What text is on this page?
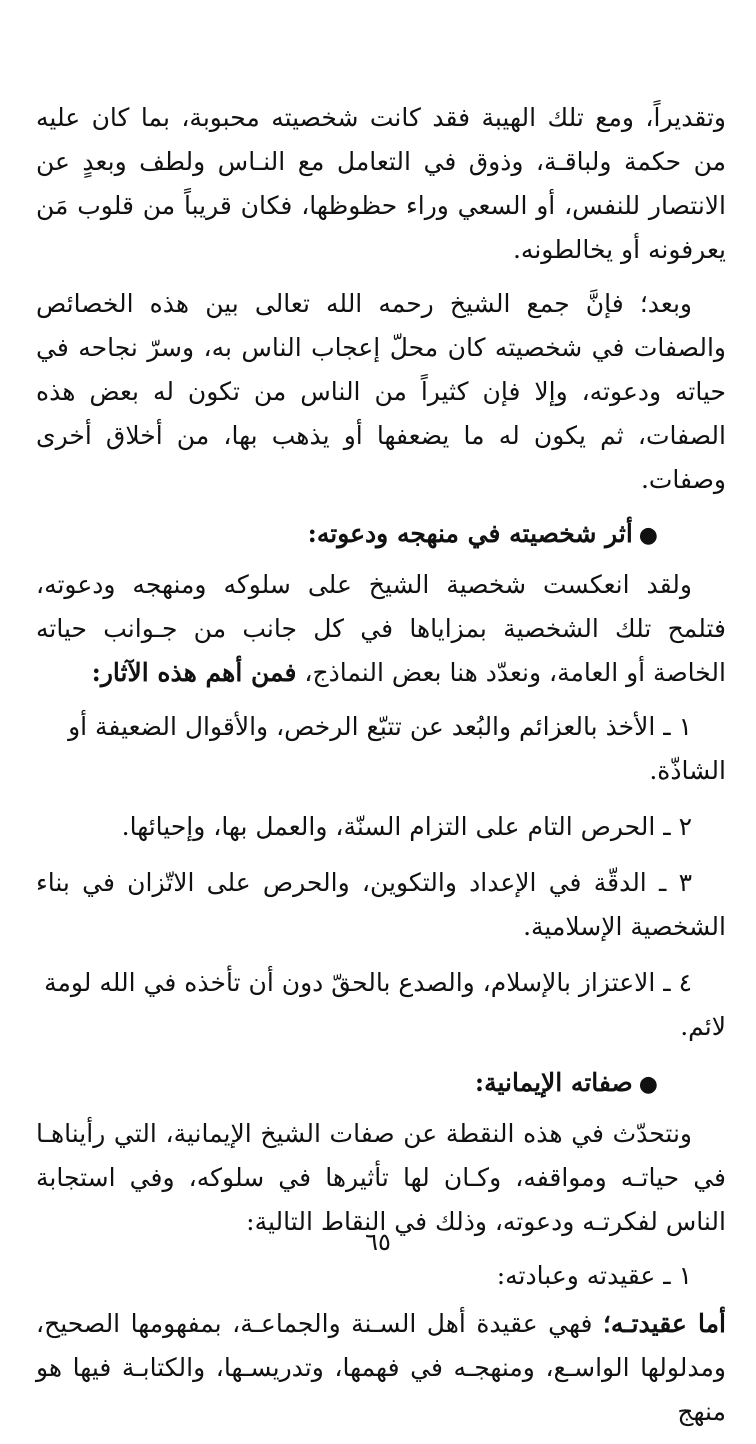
وتقديراً، ومع تلك الهيبة فقد كانت شخصيته محبوبة، بما كان عليه من حكمة ولباقـة، وذوق في التعامل مع النـاس ولطف وبعدٍ عن الانتصار للنفس، أو السعي وراء حظوظها، فكان قريباً من قلوب مَن يعرفونه أو يخالطونه.

وبعد؛ فإنَّ جمع الشيخ رحمه الله تعالى بين هذه الخصائص والصفات في شخصيته كان محلّ إعجاب الناس به، وسرّ نجاحه في حياته ودعوته، وإلا فإن كثيراً من الناس من تكون له بعض هذه الصفات، ثم يكون له ما يضعفها أو يذهب بها، من أخلاق أخرى وصفات.

●أثر شخصيته في منهجه ودعوته:

ولقد انعكست شخصية الشيخ على سلوكه ومنهجه ودعوته، فتلمح تلك الشخصية بمزاياها في كل جانب من جـوانب حياته الخاصة أو العامة، ونعدّد هنا بعض النماذج، فمن أهم هذه الآثار:

١ ـ الأخذ بالعزائم والبُعد عن تتبّع الرخص، والأقوال الضعيفة أو الشاذّة.

٢ ـ الحرص التام على التزام السنّة، والعمل بها، وإحيائها.

٣ ـ الدقّة في الإعداد والتكوين، والحرص على الاتّزان في بناء الشخصية الإسلامية.

٤ ـ الاعتزاز بالإسلام، والصدع بالحقّ دون أن تأخذه في الله لومة لائم.

●صفاته الإيمانية:

ونتحدّث في هذه النقطة عن صفات الشيخ الإيمانية، التي رأيناهـا في حياتـه ومواقفه، وكـان لها تأثيرها في سلوكه، وفي استجابة الناس لفكرتـه ودعوته، وذلك في النقاط التالية:

١ ـ عقيدته وعبادته:

أما عقيدتـه؛ فهي عقيدة أهل السـنة والجماعـة، بمفهومها الصحيح، ومدلولها الواسـع، ومنهجـه في فهمها، وتدريسـها، والكتابـة فيها هو منهج

٦٥
